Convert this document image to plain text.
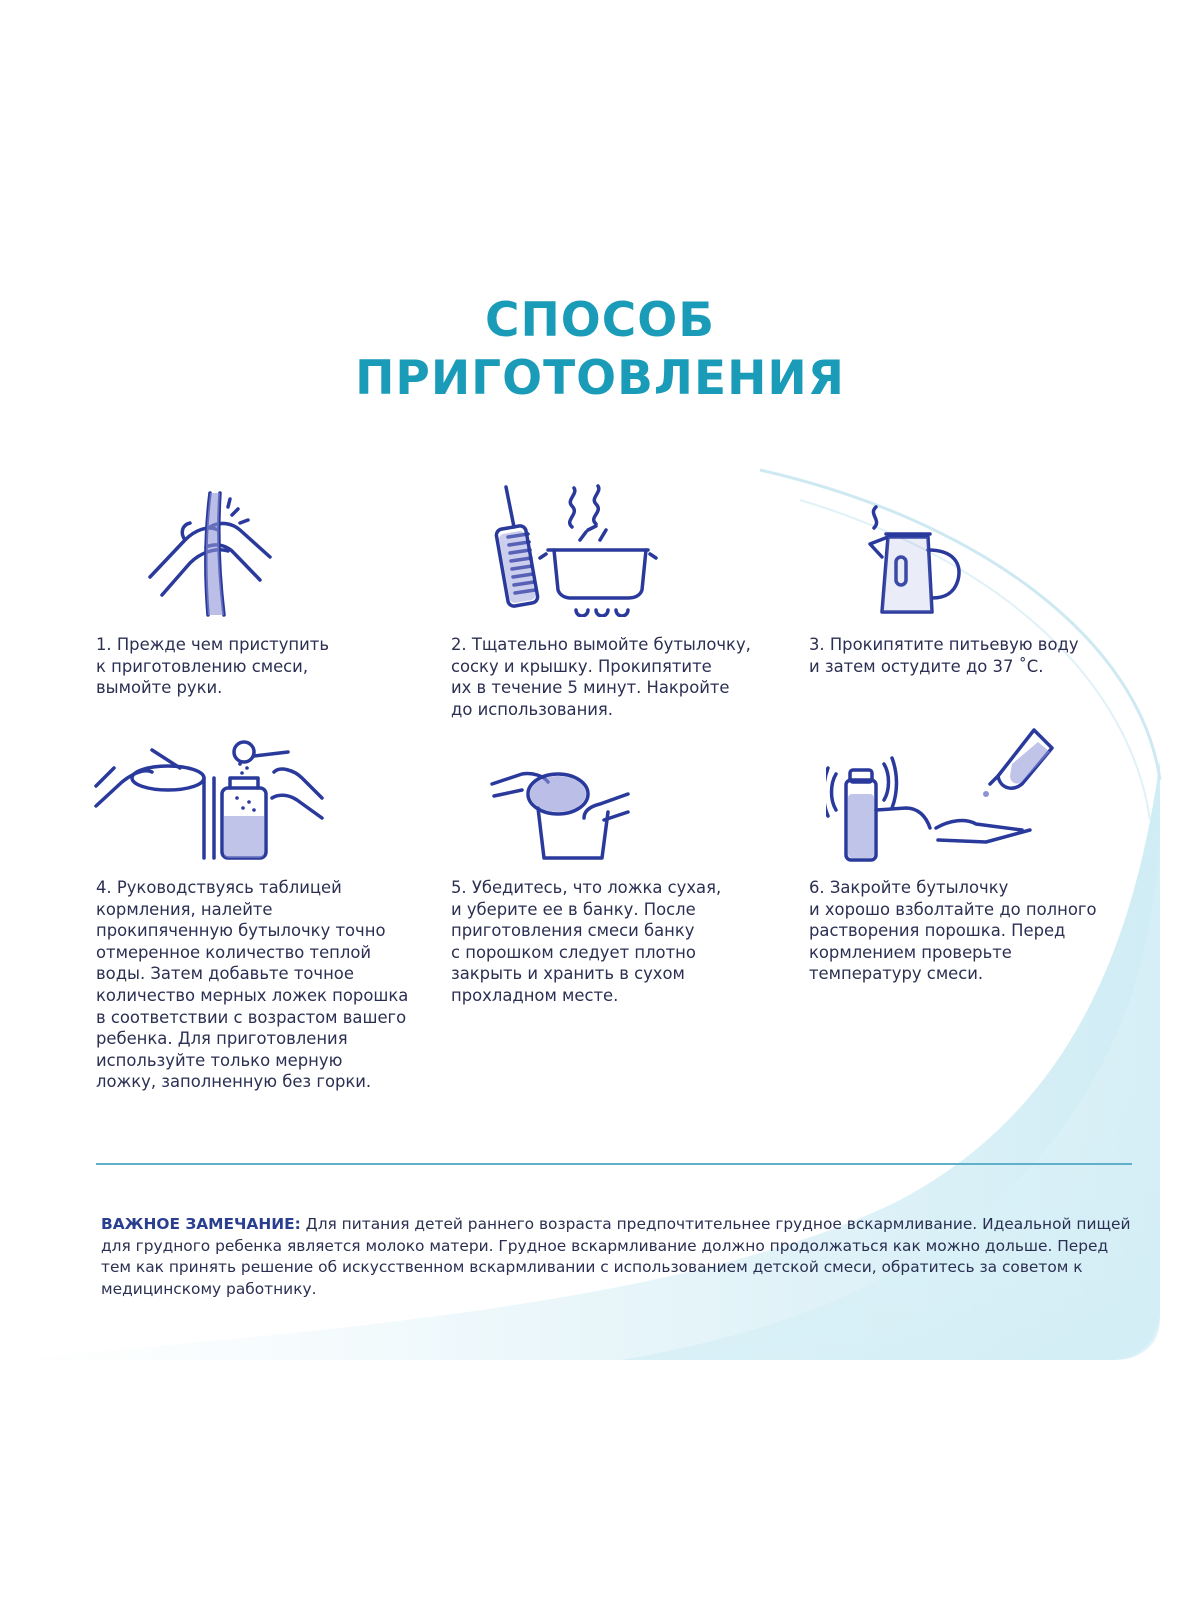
СПОСОБ
ПРИГОТОВЛЕНИЯ

1. Прежде чем приступить
к приготовлению смеси,
вымойте руки.

2. Тщательно вымойте бутылочку,
соску и крышку. Прокипятите
их в течение 5 минут. Накройте
до использования.

3. Прокипятите питьевую воду
и затем остудите до 37 ˚С.

4. Руководствуясь таблицей
кормления, налейте
прокипяченную бутылочку точно
отмеренное количество теплой
воды. Затем добавьте точное
количество мерных ложек порошка
в соответствии с возрастом вашего
ребенка. Для приготовления
используйте только мерную
ложку, заполненную без горки.

5. Убедитесь, что ложка сухая,
и уберите ее в банку. После
приготовления смеси банку
с порошком следует плотно
закрыть и хранить в сухом
прохладном месте.

6. Закройте бутылочку
и хорошо взболтайте до полного
растворения порошка. Перед
кормлением проверьте
температуру смеси.

ВАЖНОЕ ЗАМЕЧАНИЕ: Для питания детей раннего возраста предпочтительнее грудное вскармливание. Идеальной пищей для грудного ребенка является молоко матери. Грудное вскармливание должно продолжаться как можно дольше. Перед тем как принять решение об искусственном вскармливании с использованием детской смеси, обратитесь за советом к медицинскому работнику.
